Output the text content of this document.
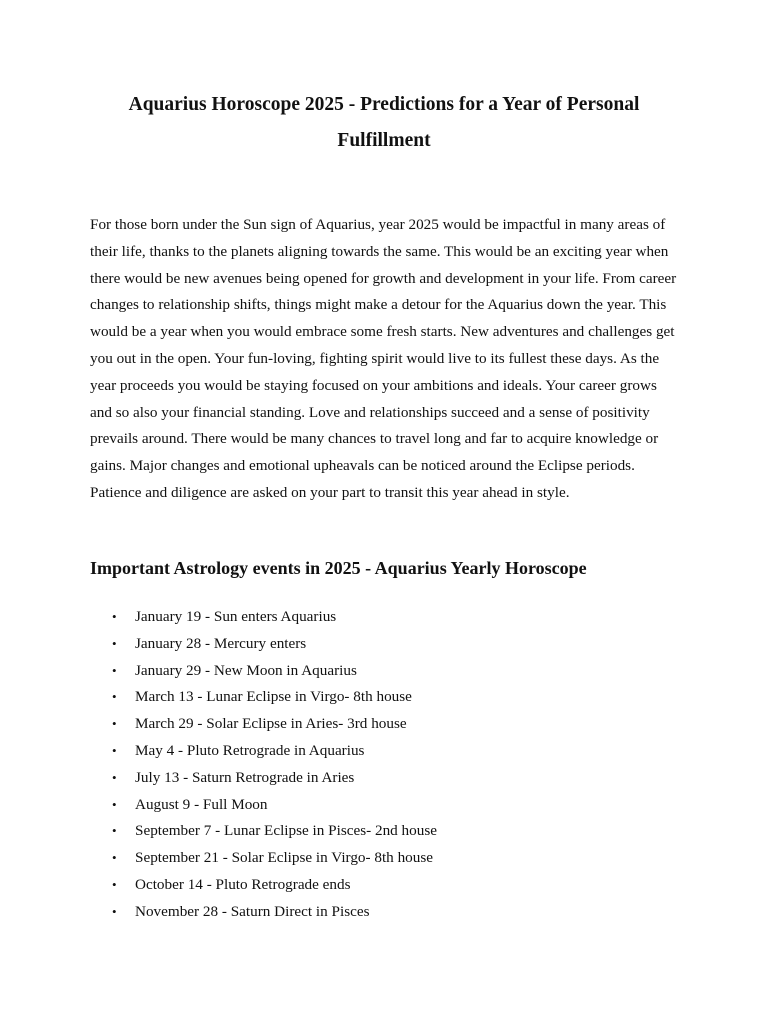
Aquarius Horoscope 2025 - Predictions for a Year of Personal Fulfillment

For those born under the Sun sign of Aquarius, year 2025 would be impactful in many areas of their life, thanks to the planets aligning towards the same. This would be an exciting year when there would be new avenues being opened for growth and development in your life. From career changes to relationship shifts, things might make a detour for the Aquarius down the year. This would be a year when you would embrace some fresh starts. New adventures and challenges get you out in the open. Your fun-loving, fighting spirit would live to its fullest these days. As the year proceeds you would be staying focused on your ambitions and ideals. Your career grows and so also your financial standing. Love and relationships succeed and a sense of positivity prevails around. There would be many chances to travel long and far to acquire knowledge or gains. Major changes and emotional upheavals can be noticed around the Eclipse periods. Patience and diligence are asked on your part to transit this year ahead in style.

Important Astrology events in 2025 - Aquarius Yearly Horoscope
• January 19 - Sun enters Aquarius
• January 28 - Mercury enters
• January 29 - New Moon in Aquarius
• March 13 - Lunar Eclipse in Virgo- 8th house
• March 29 - Solar Eclipse in Aries- 3rd house
• May 4 - Pluto Retrograde in Aquarius
• July 13 - Saturn Retrograde in Aries
• August 9 - Full Moon
• September 7 - Lunar Eclipse in Pisces- 2nd house
• September 21 - Solar Eclipse in Virgo- 8th house
• October 14 - Pluto Retrograde ends
• November 28 - Saturn Direct in Pisces
